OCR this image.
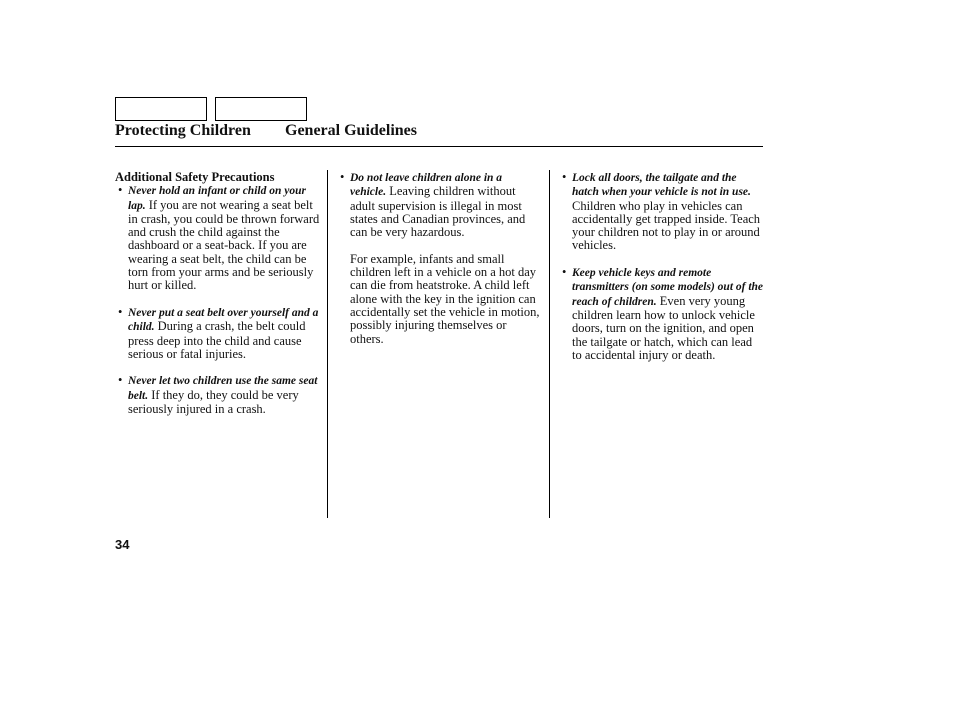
Protecting Children General Guidelines

Additional Safety Precautions

• Never hold an infant or child on your lap. If you are not wearing a seat belt in crash, you could be thrown forward and crush the child against the dashboard or a seat-back. If you are wearing a seat belt, the child can be torn from your arms and be seriously hurt or killed.
• Never put a seat belt over yourself and a child. During a crash, the belt could press deep into the child and cause serious or fatal injuries.
• Never let two children use the same seat belt. If they do, they could be very seriously injured in a crash.
• Do not leave children alone in a vehicle. Leaving children without adult supervision is illegal in most states and Canadian provinces, and can be very hazardous.

For example, infants and small children left in a vehicle on a hot day can die from heatstroke. A child left alone with the key in the ignition can accidentally set the vehicle in motion, possibly injuring themselves or others.

• Lock all doors, the tailgate and the hatch when your vehicle is not in use. Children who play in vehicles can accidentally get trapped inside. Teach your children not to play in or around vehicles.
• Keep vehicle keys and remote transmitters (on some models) out of the reach of children. Even very young children learn how to unlock vehicle doors, turn on the ignition, and open the tailgate or hatch, which can lead to accidental injury or death.
34
